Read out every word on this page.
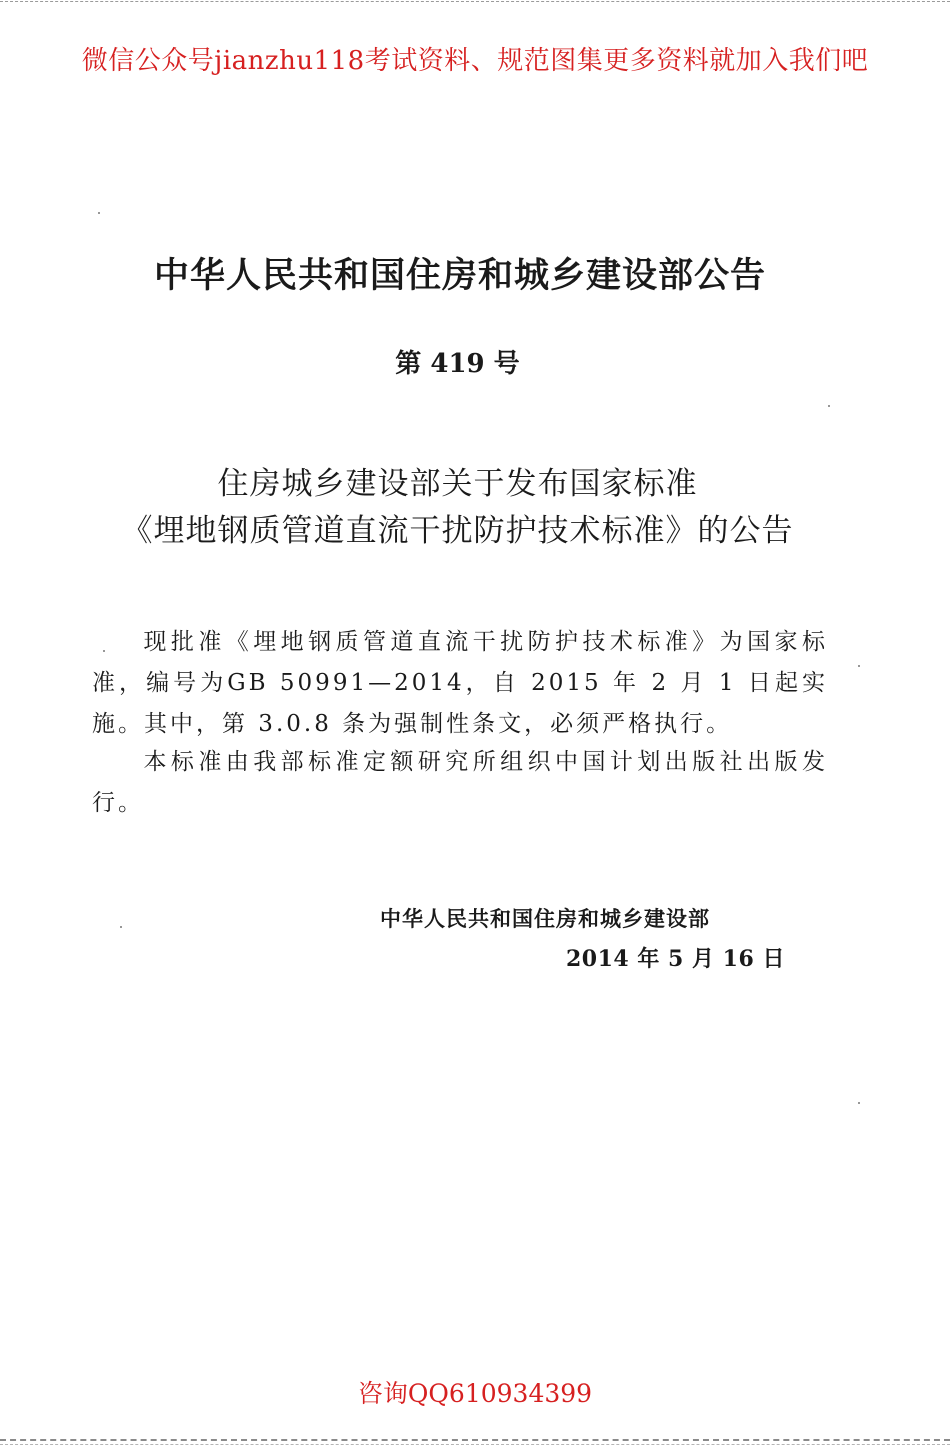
微信公众号jianzhu118考试资料、规范图集更多资料就加入我们吧
中华人民共和国住房和城乡建设部公告
第 419 号
住房城乡建设部关于发布国家标准
《埋地钢质管道直流干扰防护技术标准》的公告
现批准《埋地钢质管道直流干扰防护技术标准》为国家标准，编号为GB 50991—2014，自 2015 年 2 月 1 日起实施。其中，第 3.0.8 条为强制性条文，必须严格执行。
本标准由我部标准定额研究所组织中国计划出版社出版发行。
中华人民共和国住房和城乡建设部
2014 年 5 月 16 日
咨询QQ610934399
